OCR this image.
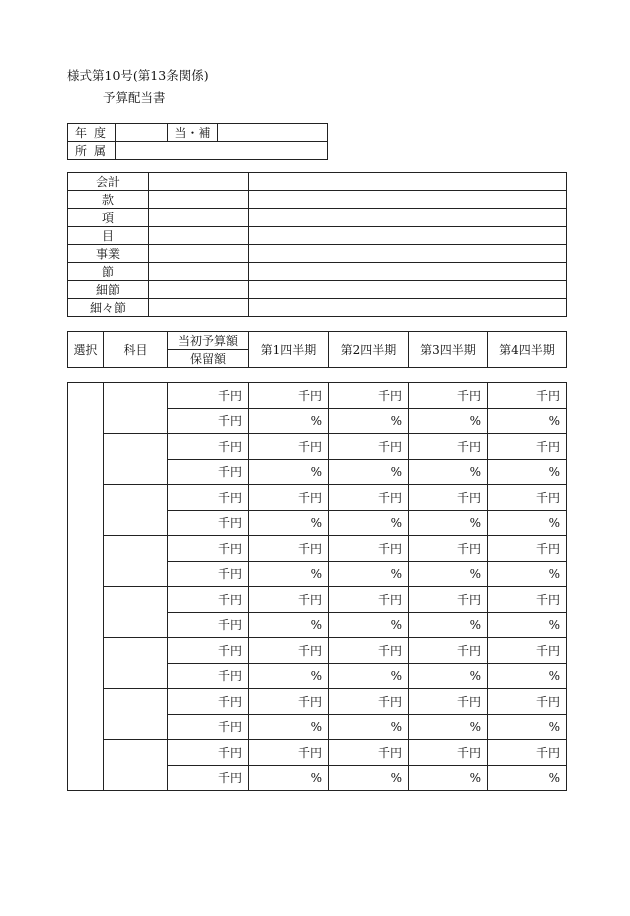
様式第10号(第13条関係)
予算配当書
年度		当・補	
所属			
会計		
款		
項		
目		
事業		
節		
細節		
細々節		
選択	科目	当初予算額	第1四半期	第2四半期	第3四半期	第4四半期
保留額
		千円	千円	千円	千円	千円
		千円	%	%	%	%
		千円	千円	千円	千円	千円
		千円	%	%	%	%
		千円	千円	千円	千円	千円
		千円	%	%	%	%
		千円	千円	千円	千円	千円
		千円	%	%	%	%
		千円	千円	千円	千円	千円
		千円	%	%	%	%
		千円	千円	千円	千円	千円
		千円	%	%	%	%
		千円	千円	千円	千円	千円
		千円	%	%	%	%
		千円	千円	千円	千円	千円
		千円	%	%	%	%
